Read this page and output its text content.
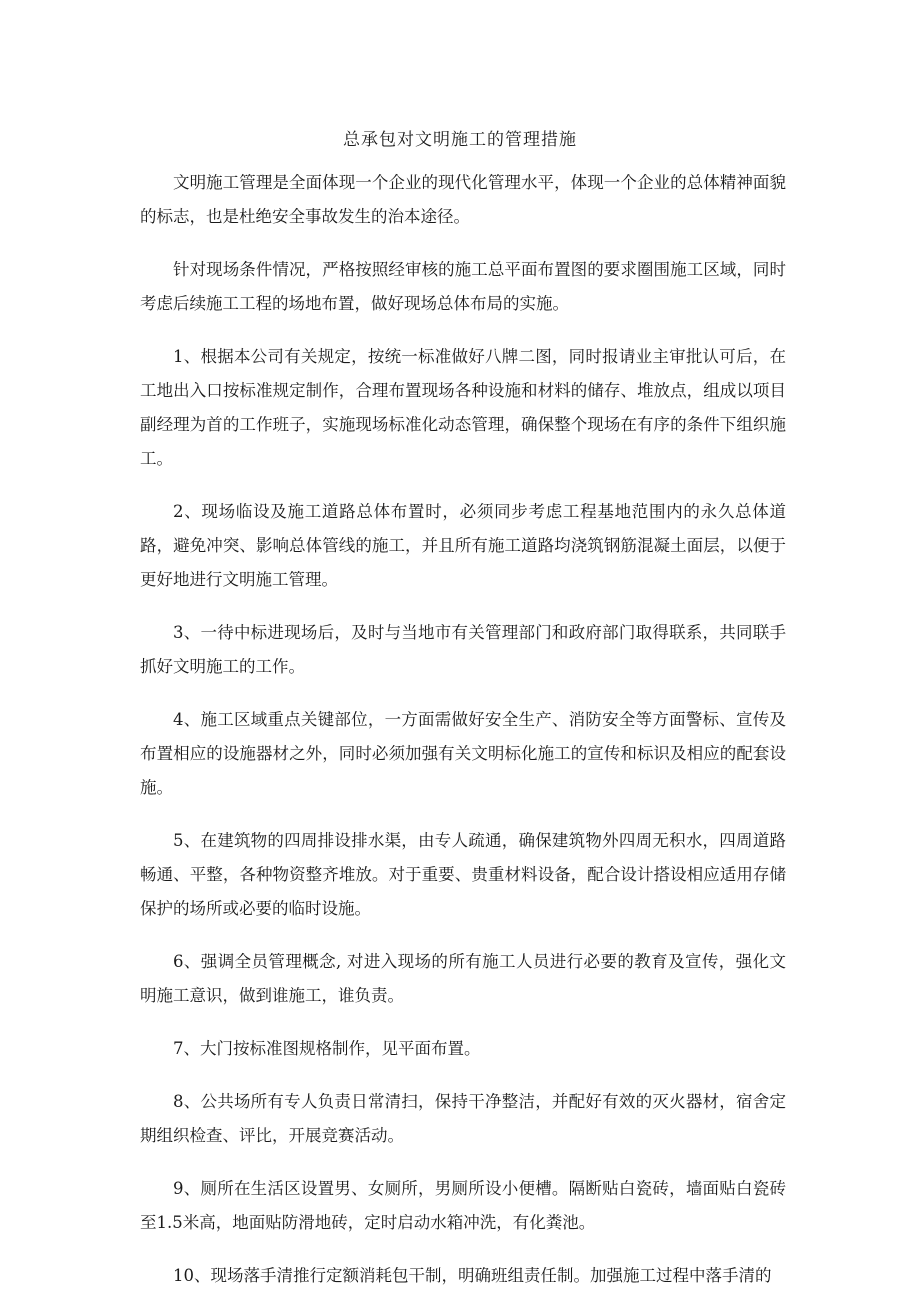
总承包对文明施工的管理措施

文明施工管理是全面体现一个企业的现代化管理水平，体现一个企业的总体精神面貌的标志，也是杜绝安全事故发生的治本途径。

针对现场条件情况，严格按照经审核的施工总平面布置图的要求圈围施工区域，同时考虑后续施工工程的场地布置，做好现场总体布局的实施。

1、根据本公司有关规定，按统一标准做好八牌二图，同时报请业主审批认可后，在工地出入口按标准规定制作，合理布置现场各种设施和材料的储存、堆放点，组成以项目副经理为首的工作班子，实施现场标准化动态管理，确保整个现场在有序的条件下组织施工。

2、现场临设及施工道路总体布置时，必须同步考虑工程基地范围内的永久总体道路，避免冲突、影响总体管线的施工，并且所有施工道路均浇筑钢筋混凝土面层，以便于更好地进行文明施工管理。

3、一待中标进现场后，及时与当地市有关管理部门和政府部门取得联系，共同联手抓好文明施工的工作。

4、施工区域重点关键部位，一方面需做好安全生产、消防安全等方面警标、宣传及布置相应的设施器材之外，同时必须加强有关文明标化施工的宣传和标识及相应的配套设施。

5、在建筑物的四周排设排水渠，由专人疏通，确保建筑物外四周无积水，四周道路畅通、平整，各种物资整齐堆放。对于重要、贵重材料设备，配合设计搭设相应适用存储保护的场所或必要的临时设施。

6、强调全员管理概念, 对进入现场的所有施工人员进行必要的教育及宣传，强化文明施工意识，做到谁施工，谁负责。

7、大门按标准图规格制作，见平面布置。

8、公共场所有专人负责日常清扫，保持干净整洁，并配好有效的灭火器材，宿舍定期组织检查、评比，开展竞赛活动。

9、厕所在生活区设置男、女厕所，男厕所设小便槽。隔断贴白瓷砖，墙面贴白瓷砖至1.5米高，地面贴防滑地砖，定时启动水箱冲洗，有化粪池。

10、现场落手清推行定额消耗包干制，明确班组责任制。加强施工过程中落手清的
